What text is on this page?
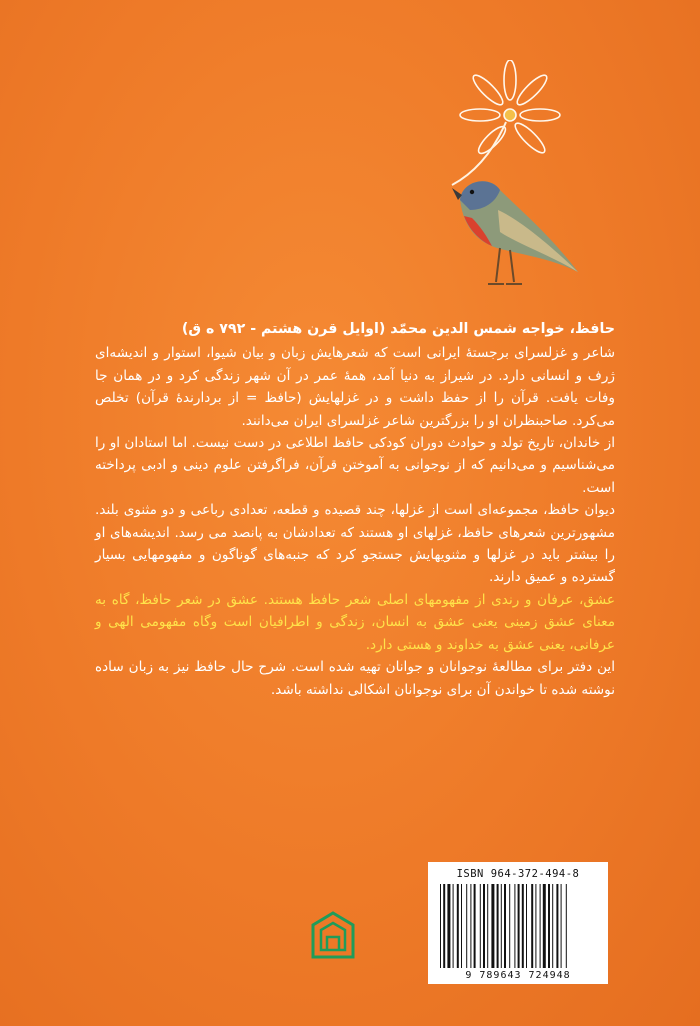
حافظ، خواجه شمس الدین محمّد (اوایل قرن هشتم - ۷۹۲ ه ق)

شاعر و غزلسرای برجستهٔ ایرانی است که شعرهایش زبان و بیان شیوا، استوار و اندیشه‌ای ژرف و انسانی دارد. در شیراز به دنیا آمد، همهٔ عمر در آن شهر زندگی کرد و در همان جا وفات یافت. قرآن را از حفظ داشت و در غزلهایش (حافظ = از بردارندهٔ قرآن) تخلص می‌کرد. صاحبنظران او را بزرگترین شاعر غزلسرای ایران می‌دانند.

از خاندان، تاریخ تولد و حوادث دوران کودکی حافظ اطلاعی در دست نیست. اما استادان او را می‌شناسیم و می‌دانیم که از نوجوانی به آموختن قرآن، فراگرفتن علوم دینی و ادبی پرداخته است.

دیوان حافظ، مجموعه‌ای است از غزلها، چند قصیده و قطعه، تعدادی رباعی و دو مثنوی بلند. مشهورترین شعرهای حافظ، غزلهای او هستند که تعدادشان به پانصد می رسد. اندیشه‌های او را بیشتر باید در غزلها و مثنویهایش جستجو کرد که جنبه‌های گوناگون و مفهومهایی بسیار گسترده و عمیق دارند.

عشق، عرفان و رندی از مفهومهای اصلی شعر حافظ هستند. عشق در شعر حافظ، گاه به معنای عشق زمینی یعنی عشق به انسان، زندگی و اطرافیان است وگاه مفهومی الهی و عرفانی، یعنی عشق به خداوند و هستی دارد.

این دفتر برای مطالعهٔ نوجوانان و جوانان تهیه شده است. شرح حال حافظ نیز به زبان ساده نوشته شده تا خواندن آن برای نوجوانان اشکالی نداشته باشد.

ISBN 964-372-494-8
9 789643 724948
